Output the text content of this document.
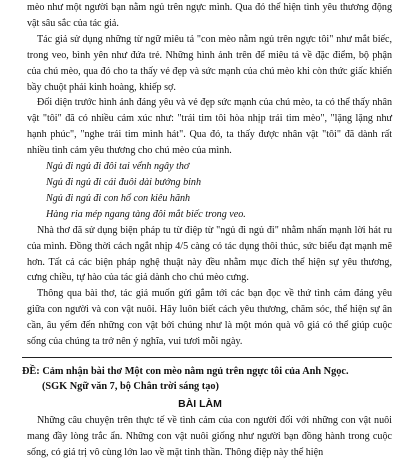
mèo như một người bạn nằm ngủ trên ngực mình. Qua đó thể hiện tình yêu thương động vật sâu sắc của tác giả.

Tác giả sử dụng những từ ngữ miêu tả "con mèo nằm ngủ trên ngực tôi" như mắt biếc, trong veo, bình yên như đứa trẻ. Những hình ảnh trên để miêu tả về đặc điểm, bộ phận của chú mèo, qua đó cho ta thấy vẻ đẹp và sức mạnh của chú mèo khi còn thức giấc khiến bầy chuột phải kinh hoàng, khiếp sợ.

Đối diện trước hình ảnh đáng yêu và vẻ đẹp sức mạnh của chú mèo, ta có thể thấy nhân vật "tôi" đã có nhiều cảm xúc như: "trái tim tôi hòa nhịp trái tim mèo", "lặng lặng như hạnh phúc", "nghe trái tim mình hát". Qua đó, ta thấy được nhân vật "tôi" đã dành rất nhiều tình cảm yêu thương cho chú mèo của mình.

Ngủ đi ngủ đi đôi tai vểnh ngây thơ

Ngủ đi ngủ đi cái đuôi dài bướng bỉnh

Ngủ đi ngủ đi con hổ con kiêu hãnh

Hàng ria mép ngang tàng đôi mắt biếc trong veo.

Nhà thơ đã sử dụng biện pháp tu từ điệp từ "ngủ đi ngủ đi" nhằm nhấn mạnh lời hát ru của mình. Đồng thời cách ngắt nhịp 4/5 càng có tác dụng thôi thúc, sức biểu đạt mạnh mẽ hơn. Tất cả các biện pháp nghệ thuật này đều nhằm mục đích thể hiện sự yêu thương, cưng chiều, tự hào của tác giả dành cho chú mèo cưng.

Thông qua bài thơ, tác giả muốn gửi gắm tới các bạn đọc về thứ tình cảm đáng yêu giữa con người và con vật nuôi. Hãy luôn biết cách yêu thương, chăm sóc, thể hiện sự ân cần, âu yếm đến những con vật bởi chúng như là một món quà vô giá có thể giúp cuộc sống của chúng ta trở nên ý nghĩa, vui tươi mỗi ngày.

ĐỀ: Cảm nhận bài thơ Một con mèo nằm ngủ trên ngực tôi của Anh Ngọc.

(SGK Ngữ văn 7, bộ Chân trời sáng tạo)

BÀI LÀM

Những câu chuyện trên thực tế về tình cảm của con người đối với những con vật nuôi mang đầy lòng trắc ẩn. Những con vật nuôi giống như người bạn đồng hành trong cuộc sống, có giá trị vô cùng lớn lao về mặt tinh thần. Thông điệp này thể hiện
